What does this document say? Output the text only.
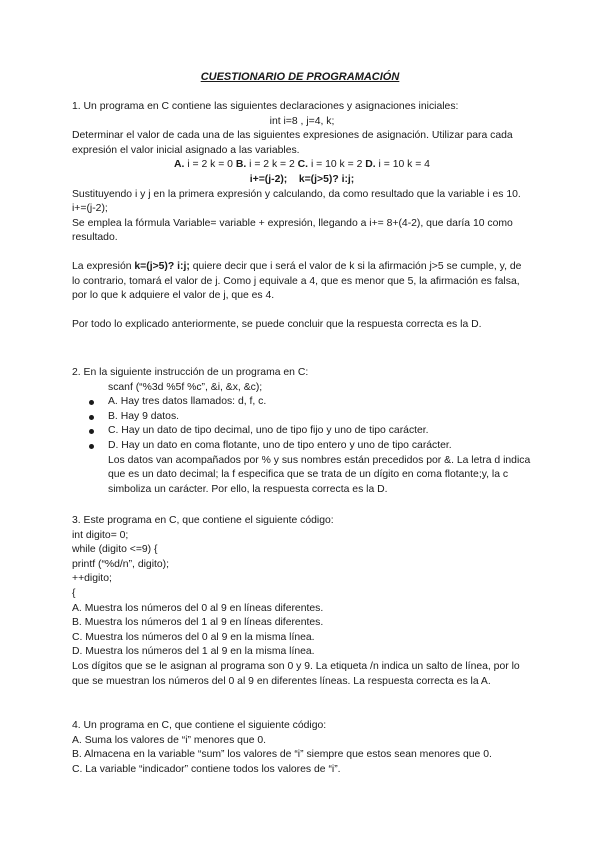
CUESTIONARIO DE PROGRAMACIÓN
1. Un programa en C contiene las siguientes declaraciones y asignaciones iniciales:
int i=8 , j=4, k;
Determinar el valor de cada una de las siguientes expresiones de asignación. Utilizar para cada expresión el valor inicial asignado a las variables.
A. i = 2 k = 0 B. i = 2 k = 2 C. i = 10 k = 2 D. i = 10 k = 4
i+=(j-2); k=(j>5)? i:j;
Sustituyendo i y j en la primera expresión y calculando, da como resultado que la variable i es 10.
i+=(j-2);
Se emplea la fórmula Variable= variable + expresión, llegando a i+= 8+(4-2), que daría 10 como resultado.
La expresión k=(j>5)? i:j; quiere decir que i será el valor de k si la afirmación j>5 se cumple, y, de lo contrario, tomará el valor de j. Como j equivale a 4, que es menor que 5, la afirmación es falsa, por lo que k adquiere el valor de j, que es 4.
Por todo lo explicado anteriormente, se puede concluir que la respuesta correcta es la D.
2. En la siguiente instrucción de un programa en C:
scanf (“%3d %5f %c”, &i, &x, &c);
A. Hay tres datos llamados: d, f, c.
B. Hay 9 datos.
C. Hay un dato de tipo decimal, uno de tipo fijo y uno de tipo carácter.
D. Hay un dato en coma flotante, uno de tipo entero y uno de tipo carácter.
Los datos van acompañados por % y sus nombres están precedidos por &. La letra d indica que es un dato decimal; la f especifica que se trata de un dígito en coma flotante;y, la c simboliza un carácter. Por ello, la respuesta correcta es la D.
3. Este programa en C, que contiene el siguiente código:
int digito= 0;
while (digito <=9) {
printf (“%d/n”, digito);
++digito;
{
A. Muestra los números del 0 al 9 en líneas diferentes.
B. Muestra los números del 1 al 9 en líneas diferentes.
C. Muestra los números del 0 al 9 en la misma línea.
D. Muestra los números del 1 al 9 en la misma línea.
Los dígitos que se le asignan al programa son 0 y 9. La etiqueta /n indica un salto de línea, por lo que se muestran los números del 0 al 9 en diferentes líneas. La respuesta correcta es la A.
4. Un programa en C, que contiene el siguiente código:
A. Suma los valores de “i” menores que 0.
B. Almacena en la variable “sum” los valores de “i” siempre que estos sean menores que 0.
C. La variable “indicador” contiene todos los valores de “i”.
